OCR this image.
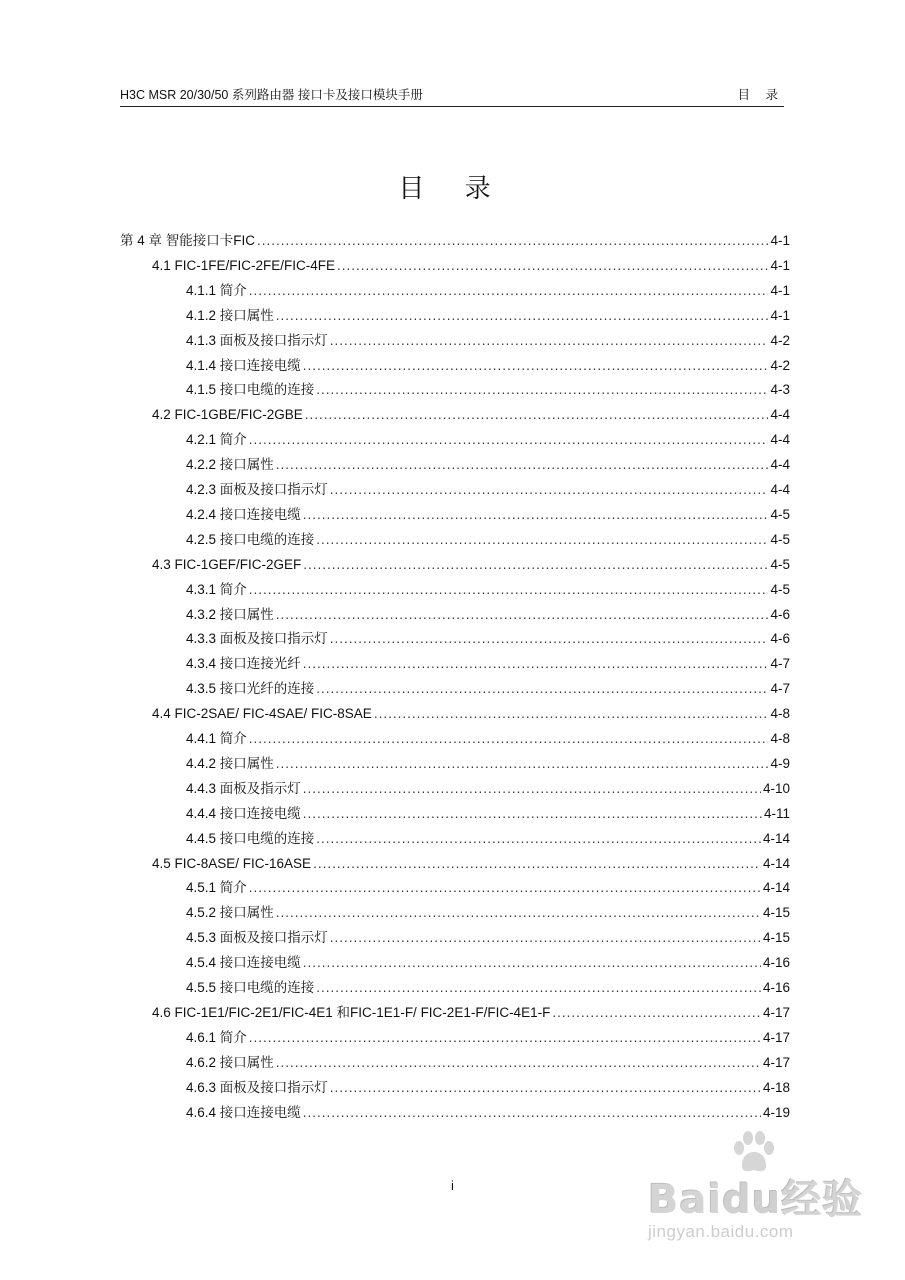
H3C MSR 20/30/50 系列路由器 接口卡及接口模块手册	目 录
目 录
第 4 章 智能接口卡FIC .....	4-1
4.1 FIC-1FE/FIC-2FE/FIC-4FE .....	4-1
4.1.1 简介 .....	4-1
4.1.2 接口属性 .....	4-1
4.1.3 面板及接口指示灯 .....	4-2
4.1.4 接口连接电缆 .....	4-2
4.1.5 接口电缆的连接 .....	4-3
4.2 FIC-1GBE/FIC-2GBE .....	4-4
4.2.1 简介 .....	4-4
4.2.2 接口属性 .....	4-4
4.2.3 面板及接口指示灯 .....	4-4
4.2.4 接口连接电缆 .....	4-5
4.2.5 接口电缆的连接 .....	4-5
4.3 FIC-1GEF/FIC-2GEF .....	4-5
4.3.1 简介 .....	4-5
4.3.2 接口属性 .....	4-6
4.3.3 面板及接口指示灯 .....	4-6
4.3.4 接口连接光纤 .....	4-7
4.3.5 接口光纤的连接 .....	4-7
4.4 FIC-2SAE/ FIC-4SAE/ FIC-8SAE .....	4-8
4.4.1 简介 .....	4-8
4.4.2 接口属性 .....	4-9
4.4.3 面板及指示灯 .....	4-10
4.4.4 接口连接电缆 .....	4-11
4.4.5 接口电缆的连接 .....	4-14
4.5 FIC-8ASE/ FIC-16ASE .....	4-14
4.5.1 简介 .....	4-14
4.5.2 接口属性 .....	4-15
4.5.3 面板及接口指示灯 .....	4-15
4.5.4 接口连接电缆 .....	4-16
4.5.5 接口电缆的连接 .....	4-16
4.6 FIC-1E1/FIC-2E1/FIC-4E1 和FIC-1E1-F/ FIC-2E1-F/FIC-4E1-F .....	4-17
4.6.1 简介 .....	4-17
4.6.2 接口属性 .....	4-17
4.6.3 面板及接口指示灯 .....	4-18
4.6.4 接口连接电缆 .....	4-19
i	Baidu经验
jingyan.baidu.com
